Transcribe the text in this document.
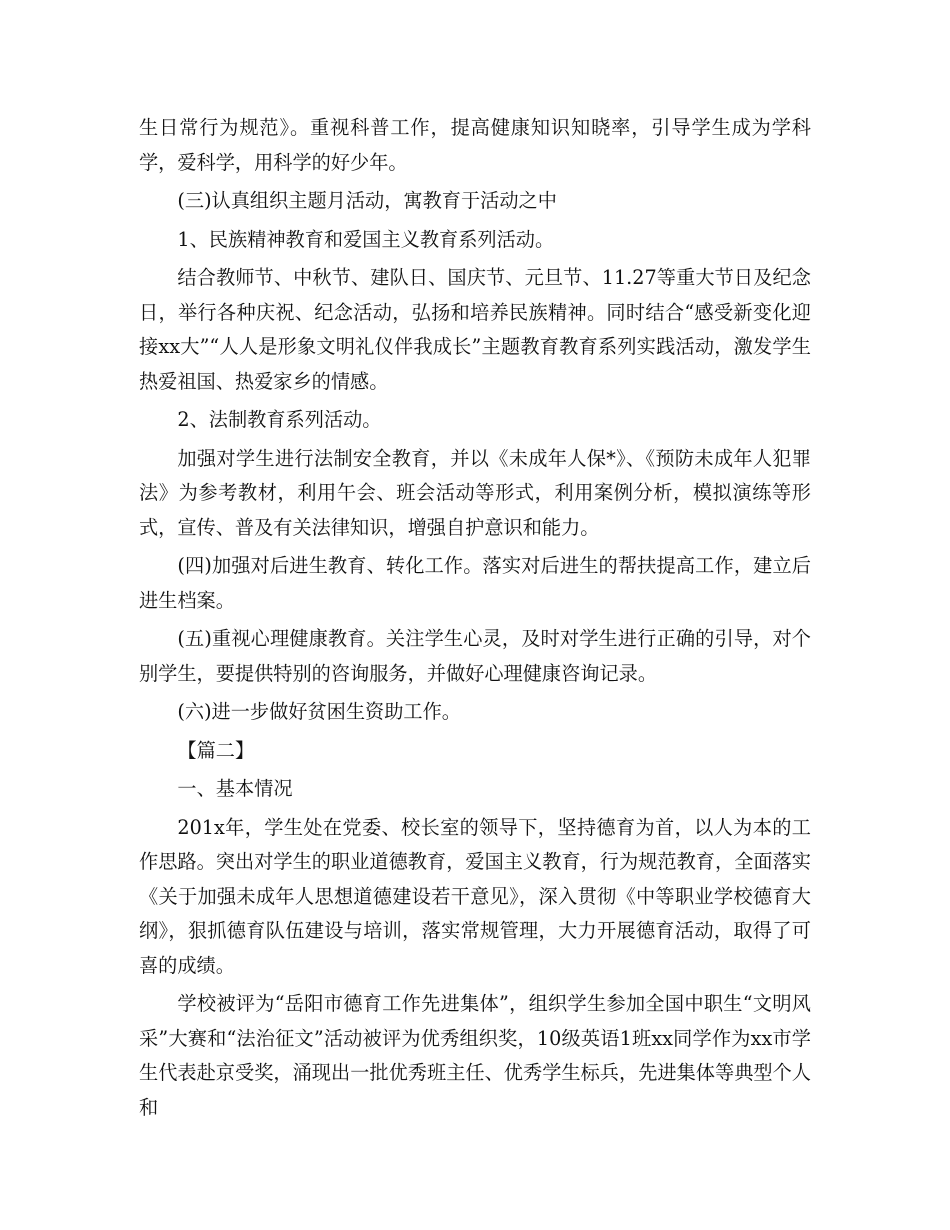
生日常行为规范》。重视科普工作，提高健康知识知晓率，引导学生成为学科学，爱科学，用科学的好少年。

(三)认真组织主题月活动，寓教育于活动之中

1、民族精神教育和爱国主义教育系列活动。

结合教师节、中秋节、建队日、国庆节、元旦节、11.27等重大节日及纪念日，举行各种庆祝、纪念活动，弘扬和培养民族精神。同时结合“感受新变化迎接xx大”“人人是形象文明礼仪伴我成长”主题教育教育系列实践活动，激发学生热爱祖国、热爱家乡的情感。

2、法制教育系列活动。

加强对学生进行法制安全教育，并以《未成年人保*》、《预防未成年人犯罪法》为参考教材，利用午会、班会活动等形式，利用案例分析，模拟演练等形式，宣传、普及有关法律知识，增强自护意识和能力。

(四)加强对后进生教育、转化工作。落实对后进生的帮扶提高工作，建立后进生档案。

(五)重视心理健康教育。关注学生心灵，及时对学生进行正确的引导，对个别学生，要提供特别的咨询服务，并做好心理健康咨询记录。

(六)进一步做好贫困生资助工作。

【篇二】

一、基本情况

201x年，学生处在党委、校长室的领导下，坚持德育为首，以人为本的工作思路。突出对学生的职业道德教育，爱国主义教育，行为规范教育，全面落实《关于加强未成年人思想道德建设若干意见》，深入贯彻《中等职业学校德育大纲》，狠抓德育队伍建设与培训，落实常规管理，大力开展德育活动，取得了可喜的成绩。

学校被评为“岳阳市德育工作先进集体”，组织学生参加全国中职生“文明风采”大赛和“法治征文”活动被评为优秀组织奖，10级英语1班xx同学作为xx市学生代表赴京受奖，涌现出一批优秀班主任、优秀学生标兵，先进集体等典型个人和
